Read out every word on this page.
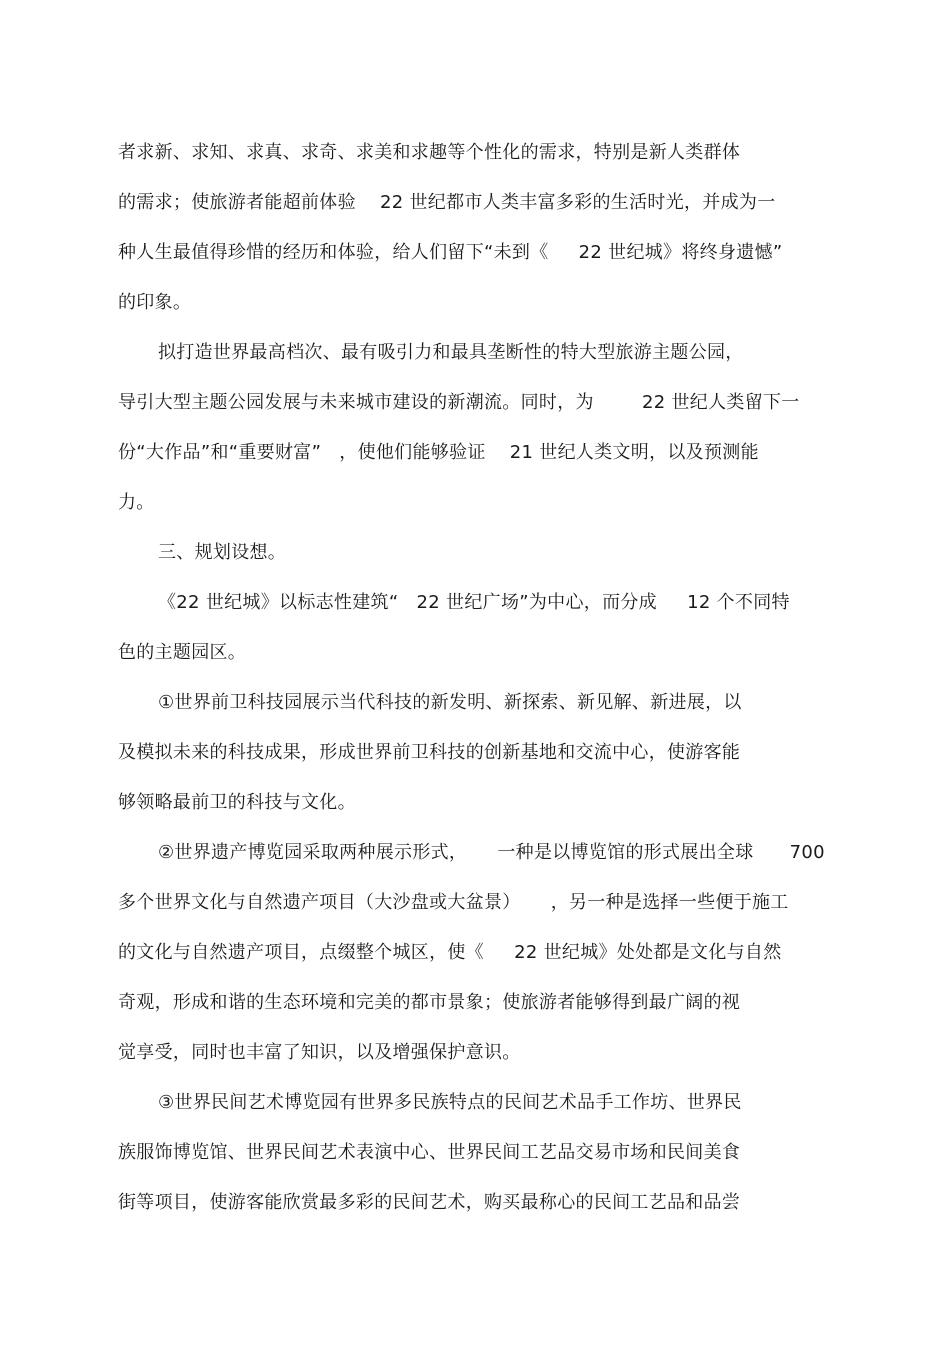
者求新、求知、求真、求奇、求美和求趣等个性化的需求，特别是新人类群体
的需求；使旅游者能超前体验    22 世纪都市人类丰富多彩的生活时光，并成为一
种人生最值得珍惜的经历和体验，给人们留下“未到《     22 世纪城》将终身遗憾”
的印象。
拟打造世界最高档次、最有吸引力和最具垄断性的特大型旅游主题公园，
导引大型主题公园发展与未来城市建设的新潮流。同时，为        22 世纪人类留下一
份“大作品”和“重要财富”   ，使他们能够验证    21 世纪人类文明，以及预测能
力。
三、规划设想。
《22 世纪城》以标志性建筑“   22 世纪广场”为中心，而分成     12 个不同特
色的主题园区。
①世界前卫科技园展示当代科技的新发明、新探索、新见解、新进展，以
及模拟未来的科技成果，形成世界前卫科技的创新基地和交流中心，使游客能
够领略最前卫的科技与文化。
②世界遗产博览园采取两种展示形式，     一种是以博览馆的形式展出全球      700
多个世界文化与自然遗产项目（大沙盘或大盆景）     ，另一种是选择一些便于施工
的文化与自然遗产项目，点缀整个城区，使《     22 世纪城》处处都是文化与自然
奇观，形成和谐的生态环境和完美的都市景象；使旅游者能够得到最广阔的视
觉享受，同时也丰富了知识，以及增强保护意识。
③世界民间艺术博览园有世界多民族特点的民间艺术品手工作坊、世界民
族服饰博览馆、世界民间艺术表演中心、世界民间工艺品交易市场和民间美食
街等项目，使游客能欣赏最多彩的民间艺术，购买最称心的民间工艺品和品尝
